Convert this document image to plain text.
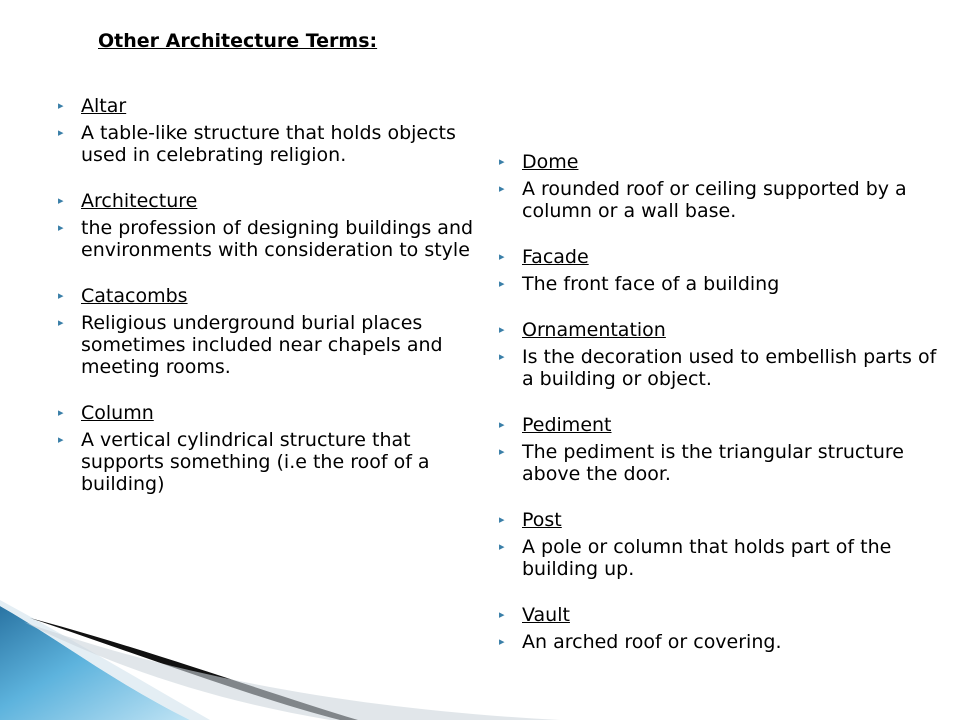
Other Architecture Terms:
▸ Altar
▸ A table-like structure that holds objects used in celebrating religion.
▸ Architecture
▸ the profession of designing buildings and environments with consideration to style
▸ Catacombs
▸ Religious underground burial places sometimes included near chapels and meeting rooms.
▸ Column
▸ A vertical cylindrical structure that supports something (i.e the roof of a building)
▸ Dome
▸ A rounded roof or ceiling supported by a column or a wall base.
▸ Facade
▸ The front face of a building
▸ Ornamentation
▸ Is the decoration used to embellish parts of a building or object.
▸ Pediment
▸ The pediment is the triangular structure above the door.
▸ Post
▸ A pole or column that holds part of the building up.
▸ Vault
▸ An arched roof or covering.
